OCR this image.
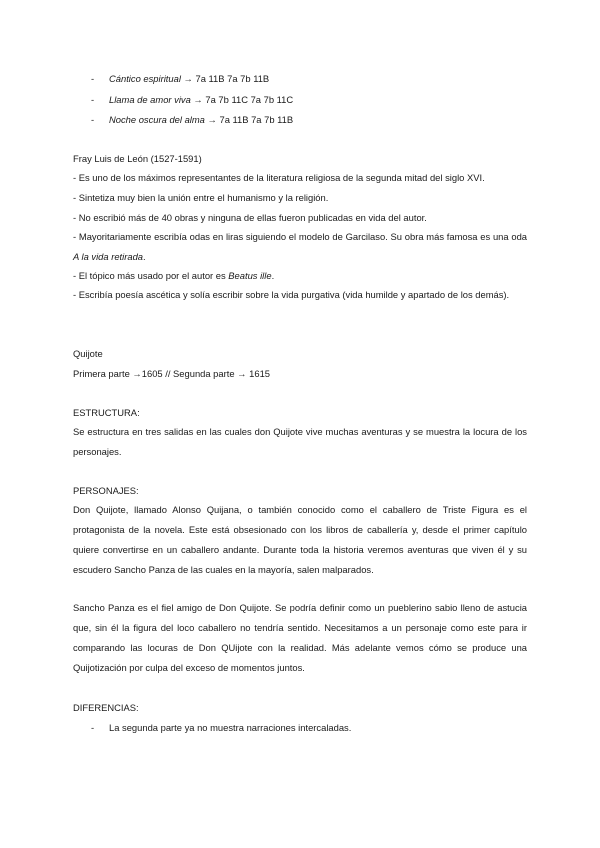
- Cántico espiritual → 7a 11B 7a 7b 11B
- Llama de amor viva → 7a 7b 11C 7a 7b 11C
- Noche oscura del alma → 7a 11B 7a 7b 11B
Fray Luis de León (1527-1591)
- Es uno de los máximos representantes de la literatura religiosa de la segunda mitad del siglo XVI.
- Sintetiza muy bien la unión entre el humanismo y la religión.
- No escribió más de 40 obras y ninguna de ellas fueron publicadas en vida del autor.
- Mayoritariamente escribía odas en liras siguiendo el modelo de Garcilaso. Su obra más famosa es una oda A la vida retirada.
- El tópico más usado por el autor es Beatus ille.
- Escribía poesía ascética y solía escribir sobre la vida purgativa (vida humilde y apartado de los demás).
Quijote
Primera parte →1605 // Segunda parte → 1615
ESTRUCTURA:
Se estructura en tres salidas en las cuales don Quijote vive muchas aventuras y se muestra la locura de los personajes.
PERSONAJES:
Don Quijote, llamado Alonso Quijana, o también conocido como el caballero de Triste Figura es el protagonista de la novela. Este está obsesionado con los libros de caballería y, desde el primer capítulo quiere convertirse en un caballero andante. Durante toda la historia veremos aventuras que viven él y su escudero Sancho Panza de las cuales en la mayoría, salen malparados.
Sancho Panza es el fiel amigo de Don Quijote. Se podría definir como un pueblerino sabio lleno de astucia que, sin él la figura del loco caballero no tendría sentido. Necesitamos a un personaje como este para ir comparando las locuras de Don QUijote con la realidad. Más adelante vemos cómo se produce una Quijotización por culpa del exceso de momentos juntos.
DIFERENCIAS:
- La segunda parte ya no muestra narraciones intercaladas.
